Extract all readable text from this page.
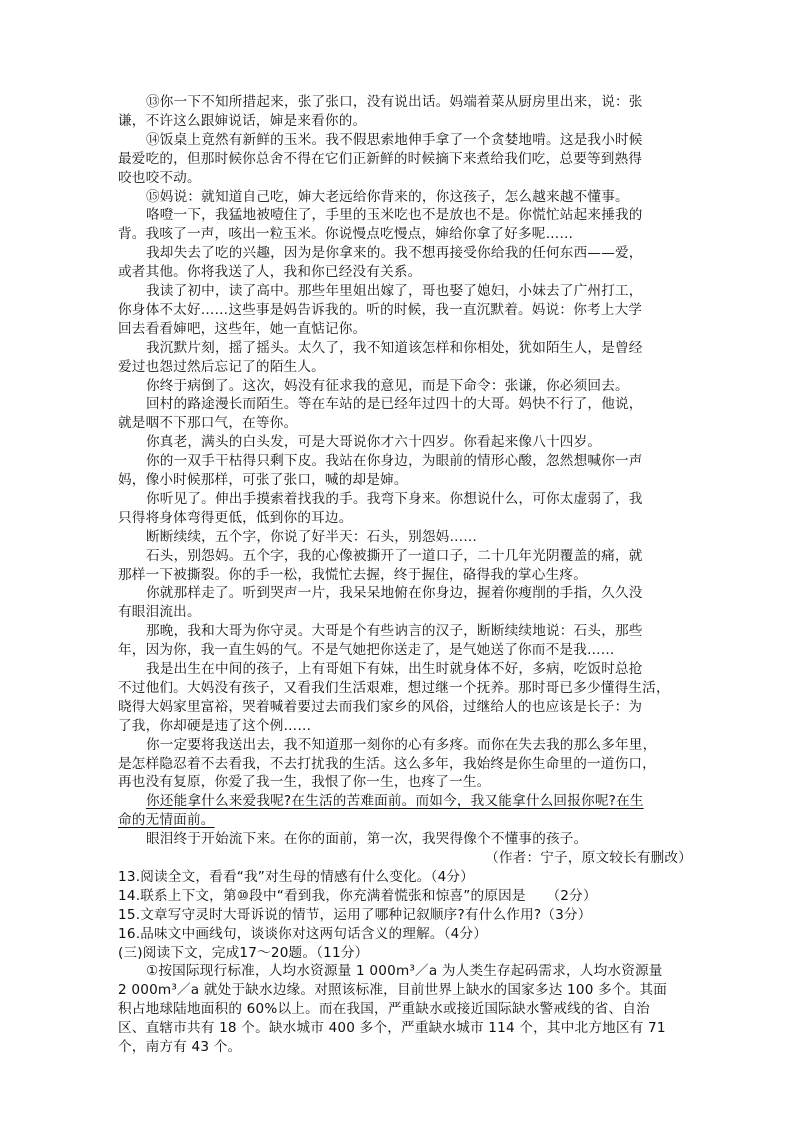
⑬你一下不知所措起来，张了张口，没有说出话。妈端着菜从厨房里出来，说：张
谦，不许这么跟婶说话，婶是来看你的。
⑭饭桌上竟然有新鲜的玉米。我不假思索地伸手拿了一个贪婪地啃。这是我小时候
最爱吃的，但那时候你总舍不得在它们正新鲜的时候摘下来煮给我们吃，总要等到熟得
咬也咬不动。
⑮妈说：就知道自己吃，婶大老远给你背来的，你这孩子，怎么越来越不懂事。
咯噔一下，我猛地被噎住了，手里的玉米吃也不是放也不是。你慌忙站起来捶我的
背。我咳了一声，咳出一粒玉米。你说慢点吃慢点，婶给你拿了好多呢……
我却失去了吃的兴趣，因为是你拿来的。我不想再接受你给我的任何东西——爱，
或者其他。你将我送了人，我和你已经没有关系。
我读了初中，读了高中。那些年里姐出嫁了，哥也娶了媳妇，小妹去了广州打工，
你身体不太好……这些事是妈告诉我的。听的时候，我一直沉默着。妈说：你考上大学
回去看看婶吧，这些年，她一直惦记你。
我沉默片刻，摇了摇头。太久了，我不知道该怎样和你相处，犹如陌生人，是曾经
爱过也怨过然后忘记了的陌生人。
你终于病倒了。这次，妈没有征求我的意见，而是下命令：张谦，你必须回去。
回村的路途漫长而陌生。等在车站的是已经年过四十的大哥。妈快不行了，他说，
就是咽不下那口气，在等你。
你真老，满头的白头发，可是大哥说你才六十四岁。你看起来像八十四岁。
你的一双手干枯得只剩下皮。我站在你身边，为眼前的情形心酸，忽然想喊你一声
妈，像小时候那样，可张了张口，喊的却是婶。
你听见了。伸出手摸索着找我的手。我弯下身来。你想说什么，可你太虚弱了，我
只得将身体弯得更低，低到你的耳边。
断断续续，五个字，你说了好半天：石头，别怨妈……
石头，别怨妈。五个字，我的心像被撕开了一道口子，二十几年光阴覆盖的痛，就
那样一下被撕裂。你的手一松，我慌忙去握，终于握住，硌得我的掌心生疼。
你就那样走了。听到哭声一片，我呆呆地俯在你身边，握着你瘦削的手指，久久没
有眼泪流出。
那晚，我和大哥为你守灵。大哥是个有些讷言的汉子，断断续续地说：石头，那些
年，因为你，我一直生妈的气。不是气她把你送走了，是气她送了你而不是我……
我是出生在中间的孩子，上有哥姐下有妹，出生时就身体不好，多病，吃饭时总抢
不过他们。大妈没有孩子，又看我们生活艰难，想过继一个抚养。那时哥已多少懂得生活，
晓得大妈家里富裕，哭着喊着要过去而我们家乡的风俗，过继给人的也应该是长子：为
了我，你却硬是违了这个例……
你一定要将我送出去，我不知道那一刻你的心有多疼。而你在失去我的那么多年里，
是怎样隐忍着不去看我，不去打扰我的生活。这么多年，我始终是你生命里的一道伤口，
再也没有复原，你爱了我一生，我恨了你一生，也疼了一生。
你还能拿什么来爱我呢?在生活的苦难面前。而如今，我又能拿什么回报你呢?在生
命的无情面前。
眼泪终于开始流下来。在你的面前，第一次，我哭得像个不懂事的孩子。
（作者：宁子，原文较长有删改）
13.阅读全文，看看“我”对生母的情感有什么变化。（4分）
14.联系上下文，第⑩段中“看到我，你充满着慌张和惊喜”的原因是　　（2分）
15.文章写守灵时大哥诉说的情节，运用了哪种记叙顺序?有什么作用?（3分）
16.品味文中画线句，谈谈你对这两句话含义的理解。（4分）
(三)阅读下文，完成17～20题。（11分）
①按国际现行标准，人均水资源量 1 000m³／a 为人类生存起码需求，人均水资源量
2 000m³／a 就处于缺水边缘。对照该标准，目前世界上缺水的国家多达 100 多个。其面
积占地球陆地面积的 60%以上。而在我国，严重缺水或接近国际缺水警戒线的省、自治
区、直辖市共有 18 个。缺水城市 400 多个，严重缺水城市 114 个，其中北方地区有 71
个，南方有 43 个。
